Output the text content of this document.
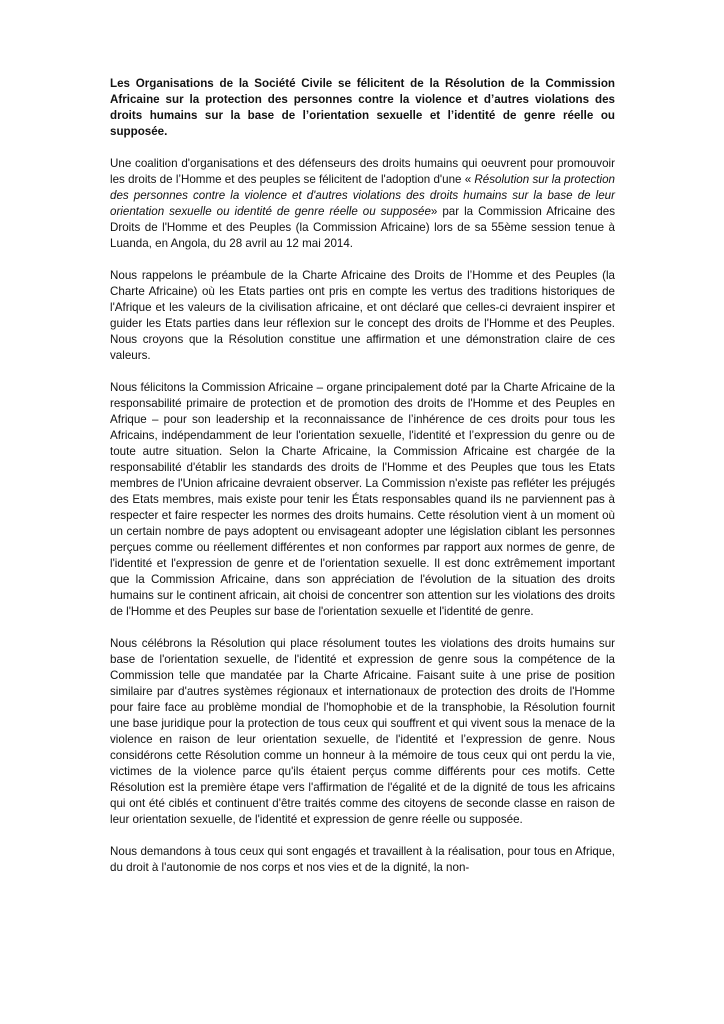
Les Organisations de la Société Civile se félicitent de la Résolution de la Commission Africaine sur la protection des personnes contre la violence et d’autres violations des droits humains sur la base de l’orientation sexuelle et l’identité de genre réelle ou supposée.

Une coalition d'organisations et des défenseurs des droits humains qui oeuvrent pour promouvoir les droits de l’Homme et des peuples se félicitent de l'adoption d'une « Résolution sur la protection des personnes contre la violence et d'autres violations des droits humains sur la base de leur orientation sexuelle ou identité de genre réelle ou supposée» par la Commission Africaine des Droits de l'Homme et des Peuples (la Commission Africaine) lors de sa 55ème session tenue à Luanda, en Angola, du 28 avril au 12 mai 2014.

Nous rappelons le préambule de la Charte Africaine des Droits de l’Homme et des Peuples (la Charte Africaine) où les Etats parties ont pris en compte les vertus des traditions historiques de l'Afrique et les valeurs de la civilisation africaine, et ont déclaré que celles-ci devraient inspirer et guider les Etats parties dans leur réflexion sur le concept des droits de l'Homme et des Peuples. Nous croyons que la Résolution constitue une affirmation et une démonstration claire de ces valeurs.

Nous félicitons la Commission Africaine – organe principalement doté par la Charte Africaine de la responsabilité primaire de protection et de promotion des droits de l'Homme et des Peuples en Afrique – pour son leadership et la reconnaissance de l’inhérence de ces droits pour tous les Africains, indépendamment de leur l'orientation sexuelle, l'identité et l’expression du genre ou de toute autre situation. Selon la Charte Africaine, la Commission Africaine est chargée de la responsabilité d'établir les standards des droits de l'Homme et des Peuples que tous les Etats membres de l'Union africaine devraient observer. La Commission n'existe pas refléter les préjugés des Etats membres, mais existe pour tenir les États responsables quand ils ne parviennent pas à respecter et faire respecter les normes des droits humains. Cette résolution vient à un moment où un certain nombre de pays adoptent ou envisageant adopter une législation ciblant les personnes perçues comme ou réellement différentes et non conformes par rapport aux normes de genre, de l'identité et l'expression de genre et de l'orientation sexuelle. Il est donc extrêmement important que la Commission Africaine, dans son appréciation de l'évolution de la situation des droits humains sur le continent africain, ait choisi de concentrer son attention sur les violations des droits de l'Homme et des Peuples sur base de l'orientation sexuelle et l'identité de genre.

Nous célébrons la Résolution qui place résolument toutes les violations des droits humains sur base de l'orientation sexuelle, de l'identité et expression de genre sous la compétence de la Commission telle que mandatée par la Charte Africaine. Faisant suite à une prise de position similaire par d'autres systèmes régionaux et internationaux de protection des droits de l'Homme pour faire face au problème mondial de l'homophobie et de la transphobie, la Résolution fournit une base juridique pour la protection de tous ceux qui souffrent et qui vivent sous la menace de la violence en raison de leur orientation sexuelle, de l'identité et l’expression de genre. Nous considérons cette Résolution comme un honneur à la mémoire de tous ceux qui ont perdu la vie, victimes de la violence parce qu'ils étaient perçus comme différents pour ces motifs. Cette Résolution est la première étape vers l'affirmation de l'égalité et de la dignité de tous les africains qui ont été ciblés et continuent d'être traités comme des citoyens de seconde classe en raison de leur orientation sexuelle, de l'identité et expression de genre réelle ou supposée.

Nous demandons à tous ceux qui sont engagés et travaillent à la réalisation, pour tous en Afrique, du droit à l'autonomie de nos corps et nos vies et de la dignité, la non-
